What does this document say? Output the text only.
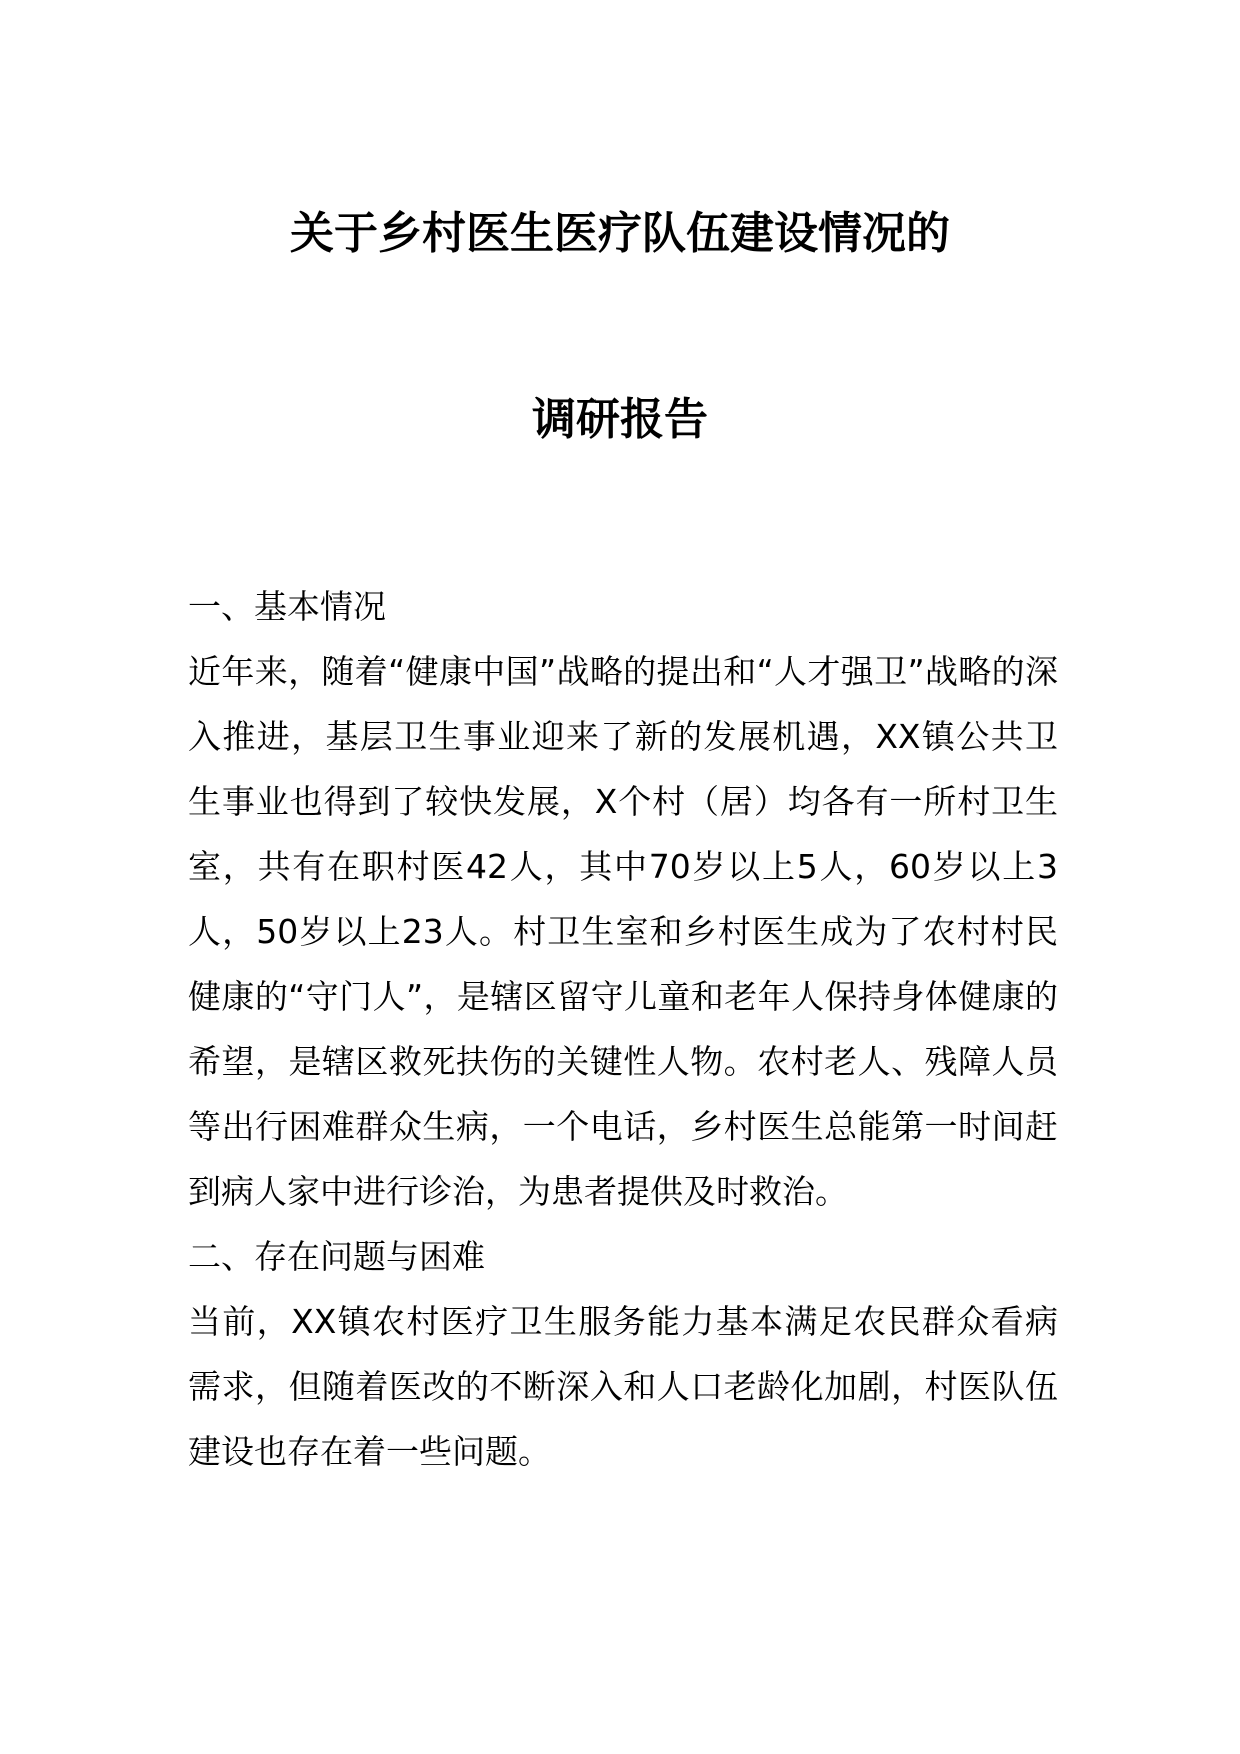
关于乡村医生医疗队伍建设情况的
调研报告

一、基本情况

近年来，随着“健康中国”战略的提出和“人才强卫”战略的深入推进，基层卫生事业迎来了新的发展机遇，XX镇公共卫生事业也得到了较快发展，X个村（居）均各有一所村卫生室，共有在职村医42人，其中70岁以上5人，60岁以上3人，50岁以上23人。村卫生室和乡村医生成为了农村村民健康的“守门人”，是辖区留守儿童和老年人保持身体健康的希望，是辖区救死扶伤的关键性人物。农村老人、残障人员等出行困难群众生病，一个电话，乡村医生总能第一时间赶到病人家中进行诊治，为患者提供及时救治。

二、存在问题与困难

当前，XX镇农村医疗卫生服务能力基本满足农民群众看病需求，但随着医改的不断深入和人口老龄化加剧，村医队伍建设也存在着一些问题。
